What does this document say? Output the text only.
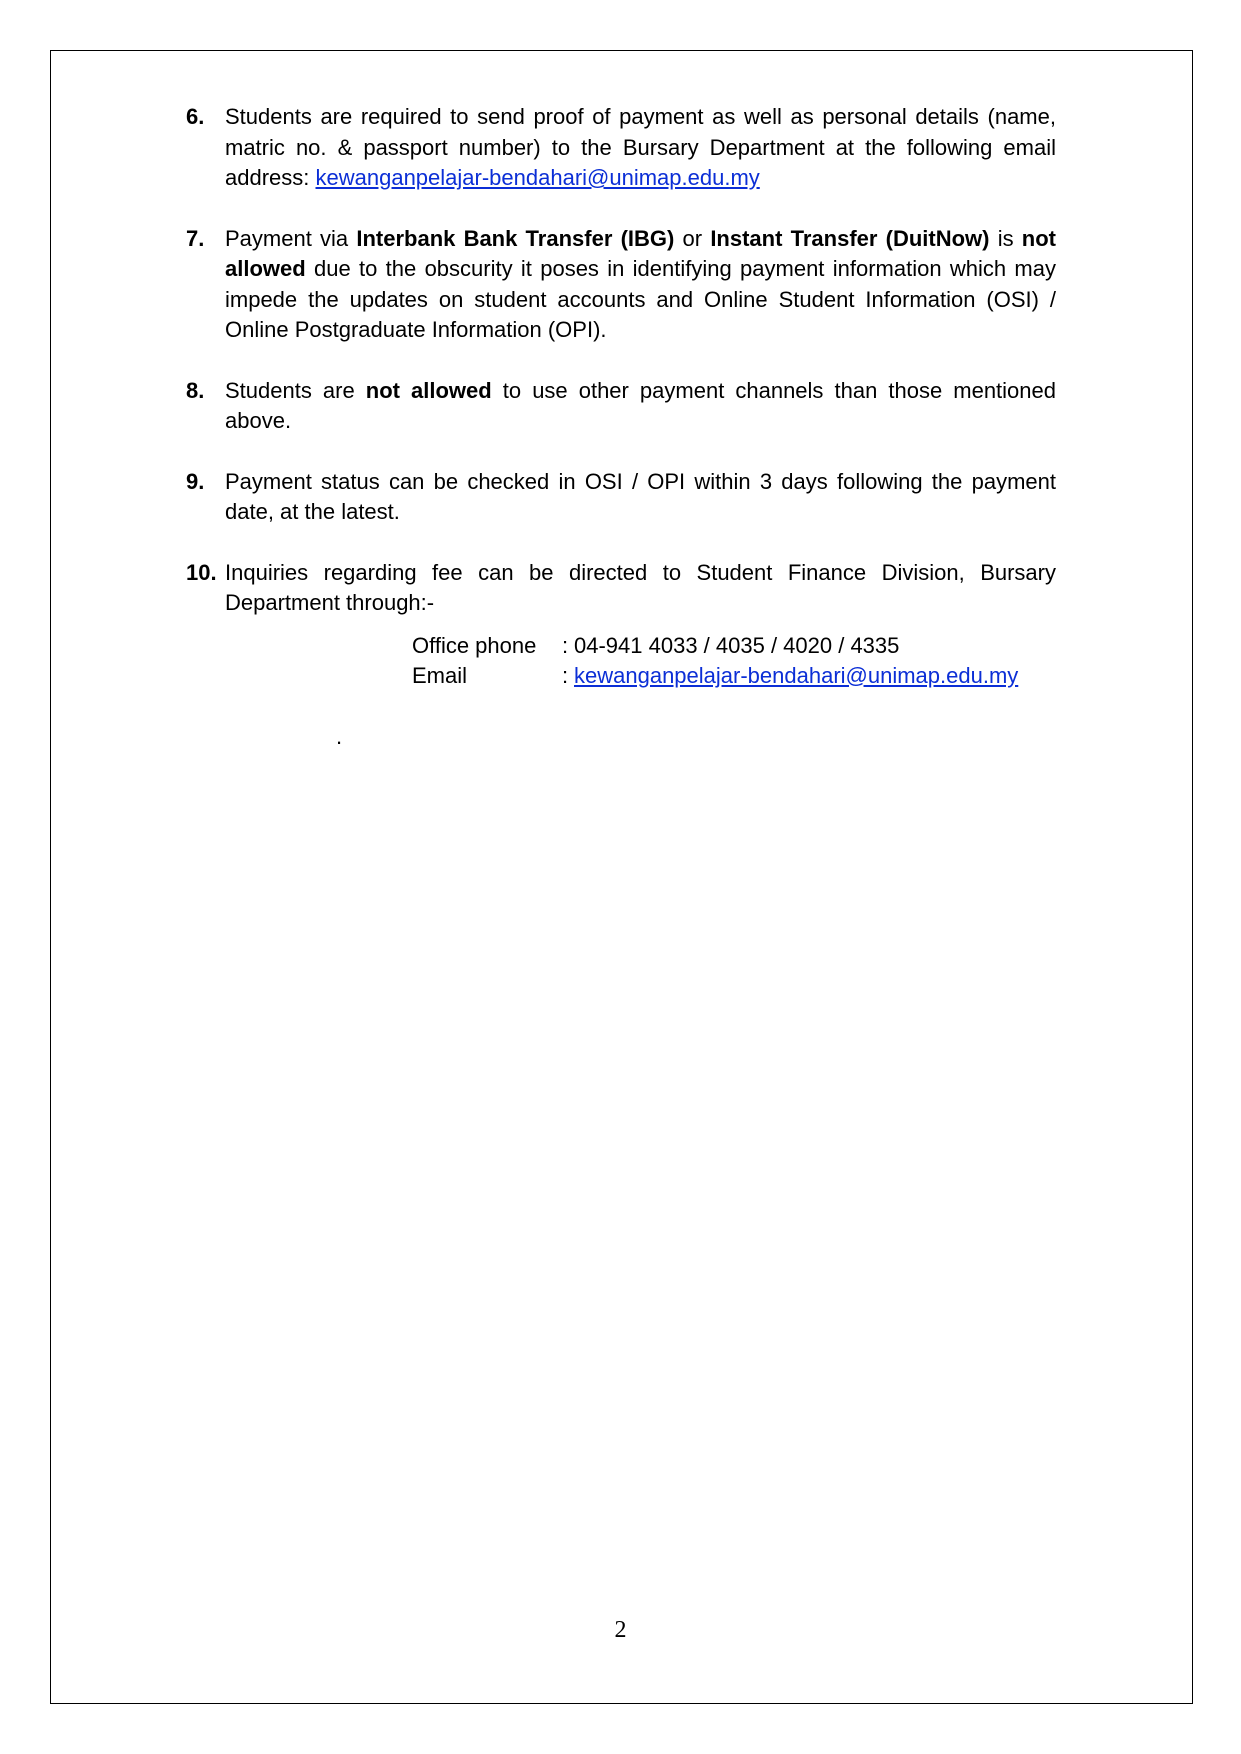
6. Students are required to send proof of payment as well as personal details (name, matric no. & passport number) to the Bursary Department at the following email address: kewanganpelajar-bendahari@unimap.edu.my
7. Payment via Interbank Bank Transfer (IBG) or Instant Transfer (DuitNow) is not allowed due to the obscurity it poses in identifying payment information which may impede the updates on student accounts and Online Student Information (OSI) / Online Postgraduate Information (OPI).
8. Students are not allowed to use other payment channels than those mentioned above.
9. Payment status can be checked in OSI / OPI within 3 days following the payment date, at the latest.
10. Inquiries regarding fee can be directed to Student Finance Division, Bursary Department through:-
Office phone	: 04-941 4033 / 4035 / 4020 / 4335
Email	: kewanganpelajar-bendahari@unimap.edu.my
.
2
